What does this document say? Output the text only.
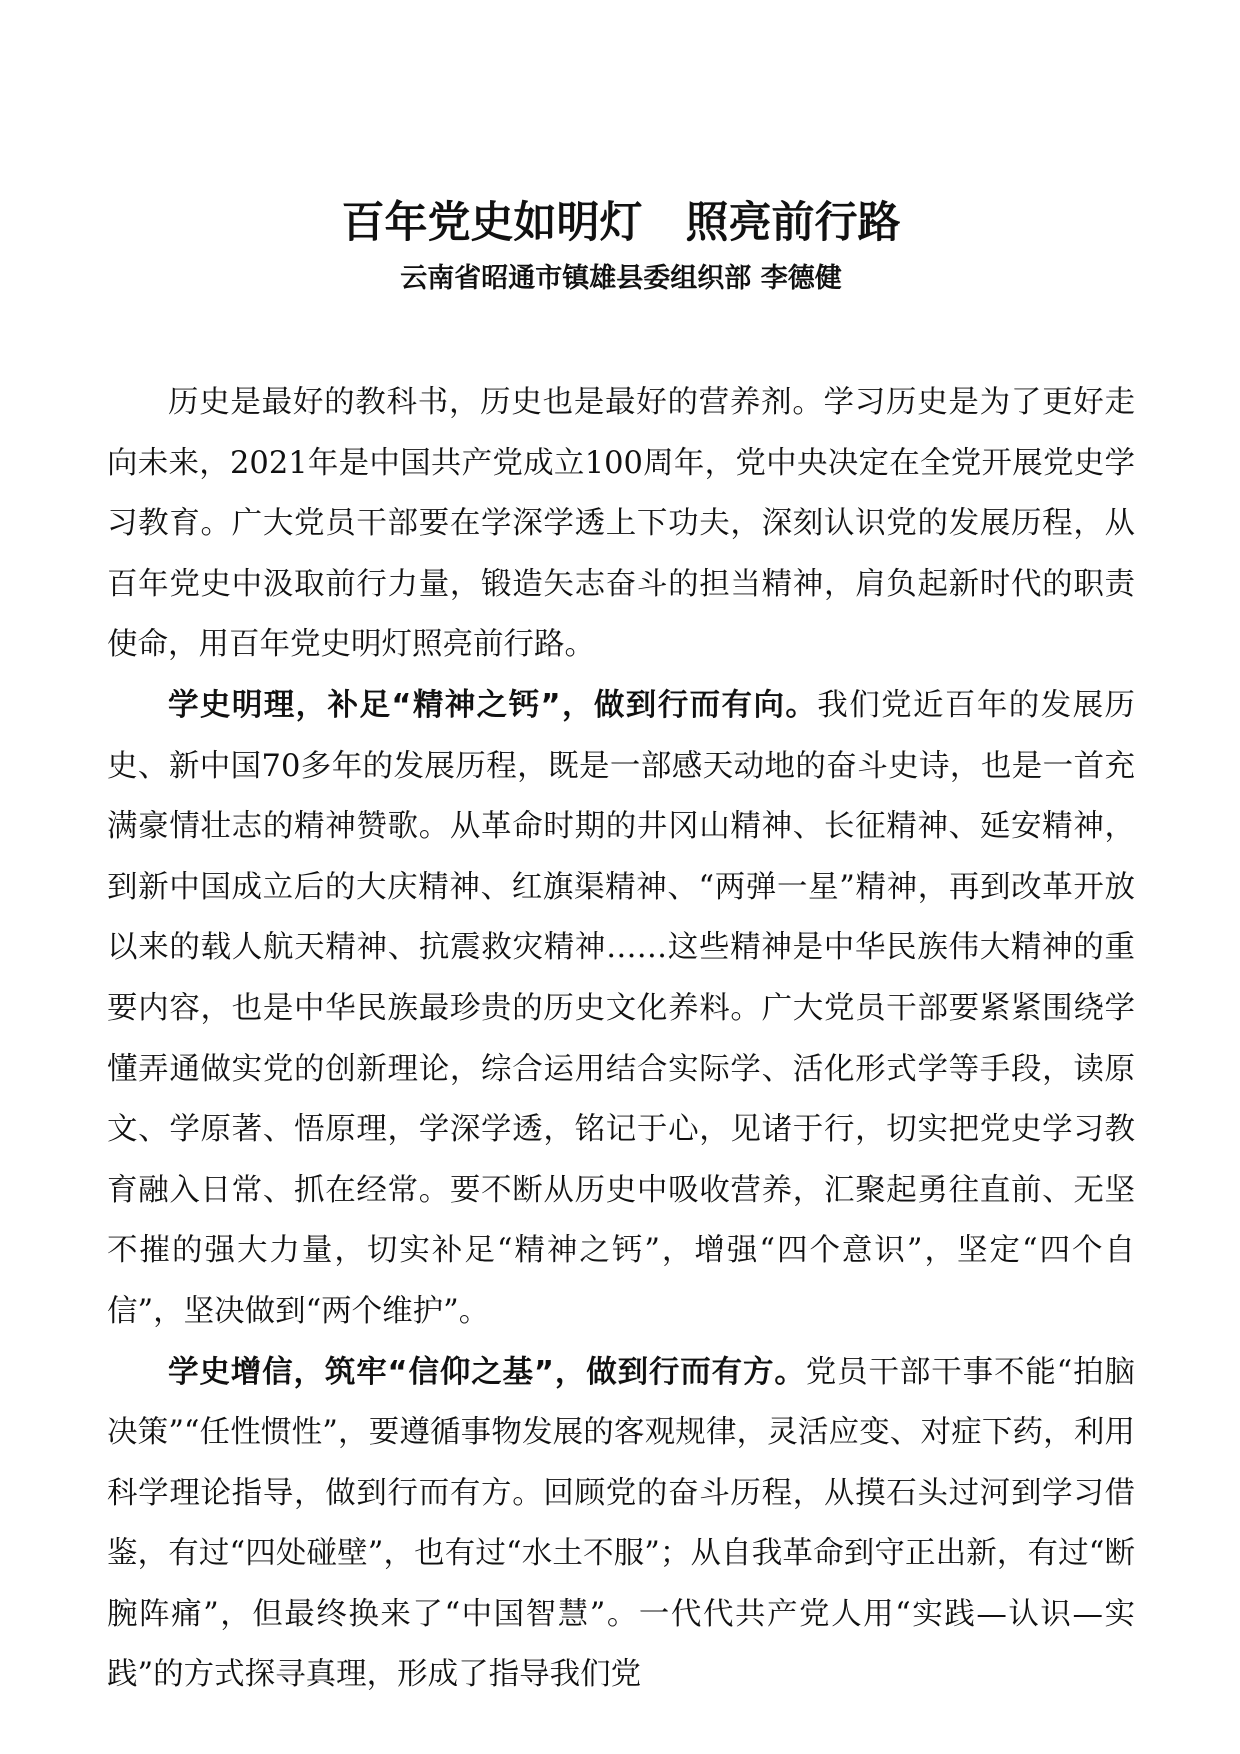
百年党史如明灯　照亮前行路

云南省昭通市镇雄县委组织部 李德健

历史是最好的教科书，历史也是最好的营养剂。学习历史是为了更好走向未来，2021年是中国共产党成立100周年，党中央决定在全党开展党史学习教育。广大党员干部要在学深学透上下功夫，深刻认识党的发展历程，从百年党史中汲取前行力量，锻造矢志奋斗的担当精神，肩负起新时代的职责使命，用百年党史明灯照亮前行路。

学史明理，补足“精神之钙”，做到行而有向。我们党近百年的发展历史、新中国70多年的发展历程，既是一部感天动地的奋斗史诗，也是一首充满豪情壮志的精神赞歌。从革命时期的井冈山精神、长征精神、延安精神，到新中国成立后的大庆精神、红旗渠精神、“两弹一星”精神，再到改革开放以来的载人航天精神、抗震救灾精神……这些精神是中华民族伟大精神的重要内容，也是中华民族最珍贵的历史文化养料。广大党员干部要紧紧围绕学懂弄通做实党的创新理论，综合运用结合实际学、活化形式学等手段，读原文、学原著、悟原理，学深学透，铭记于心，见诸于行，切实把党史学习教育融入日常、抓在经常。要不断从历史中吸收营养，汇聚起勇往直前、无坚不摧的强大力量，切实补足“精神之钙”，增强“四个意识”，坚定“四个自信”，坚决做到“两个维护”。

学史增信，筑牢“信仰之基”，做到行而有方。党员干部干事不能“拍脑决策”“任性惯性”，要遵循事物发展的客观规律，灵活应变、对症下药，利用科学理论指导，做到行而有方。回顾党的奋斗历程，从摸石头过河到学习借鉴，有过“四处碰壁”，也有过“水土不服”；从自我革命到守正出新，有过“断腕阵痛”，但最终换来了“中国智慧”。一代代共产党人用“实践—认识—实践”的方式探寻真理，形成了指导我们党
